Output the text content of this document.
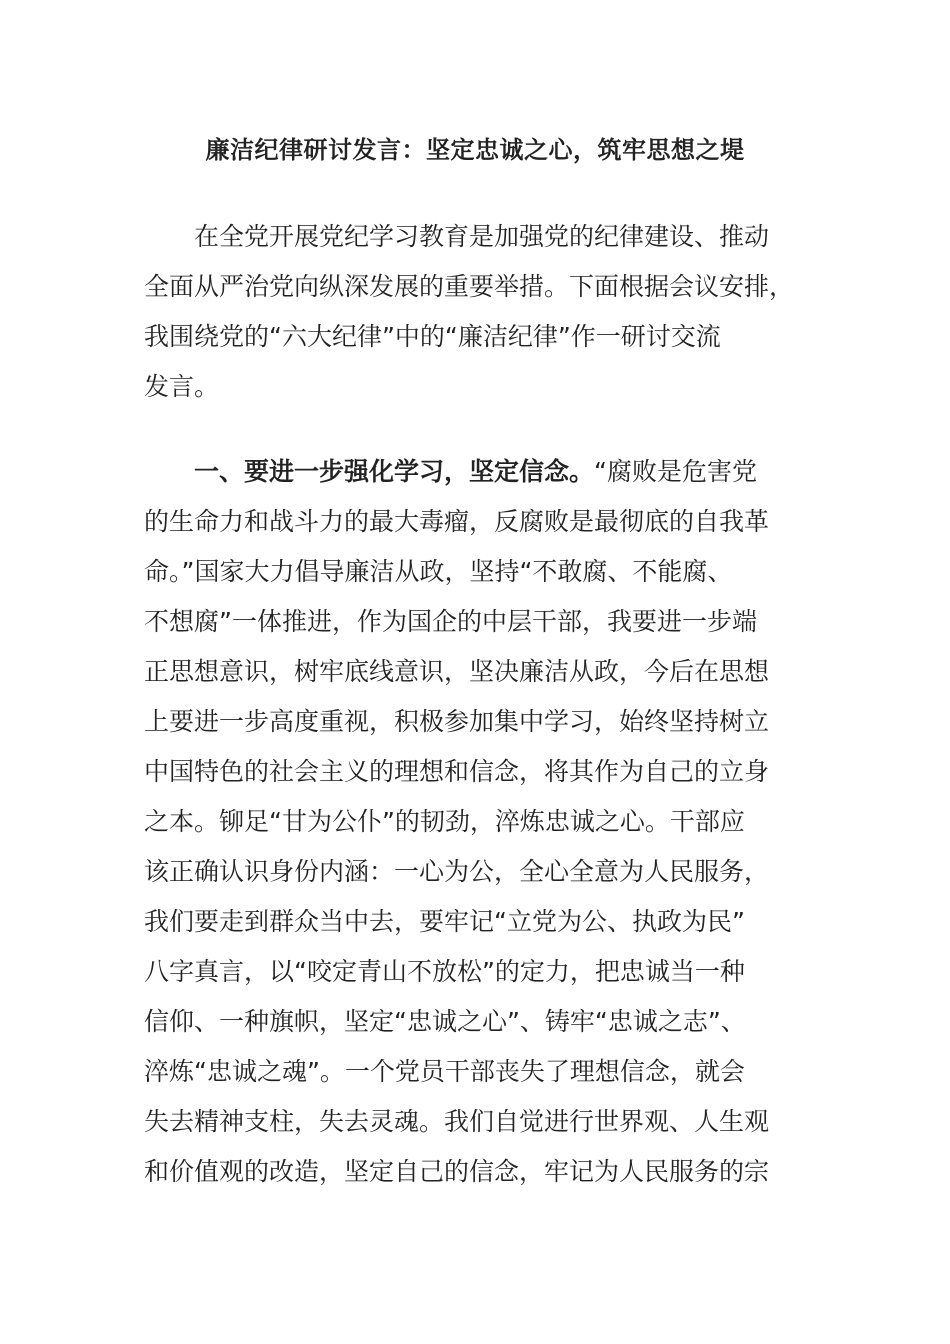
廉洁纪律研讨发言：坚定忠诚之心，筑牢思想之堤
在全党开展党纪学习教育是加强党的纪律建设、推动
全面从严治党向纵深发展的重要举措。下面根据会议安排，
我围绕党的“六大纪律”中的“廉洁纪律”作一研讨交流
发言。
一、要进一步强化学习，坚定信念。“腐败是危害党
的生命力和战斗力的最大毒瘤，反腐败是最彻底的自我革
命。”国家大力倡导廉洁从政，坚持“不敢腐、不能腐、
不想腐”一体推进，作为国企的中层干部，我要进一步端
正思想意识，树牢底线意识，坚决廉洁从政，今后在思想
上要进一步高度重视，积极参加集中学习，始终坚持树立
中国特色的社会主义的理想和信念，将其作为自己的立身
之本。铆足“甘为公仆”的韧劲，淬炼忠诚之心。干部应
该正确认识身份内涵：一心为公，全心全意为人民服务，
我们要走到群众当中去，要牢记“立党为公、执政为民”
八字真言，以“咬定青山不放松”的定力，把忠诚当一种
信仰、一种旗帜，坚定“忠诚之心”、铸牢“忠诚之志”、
淬炼“忠诚之魂”。一个党员干部丧失了理想信念，就会
失去精神支柱，失去灵魂。我们自觉进行世界观、人生观
和价值观的改造，坚定自己的信念，牢记为人民服务的宗
